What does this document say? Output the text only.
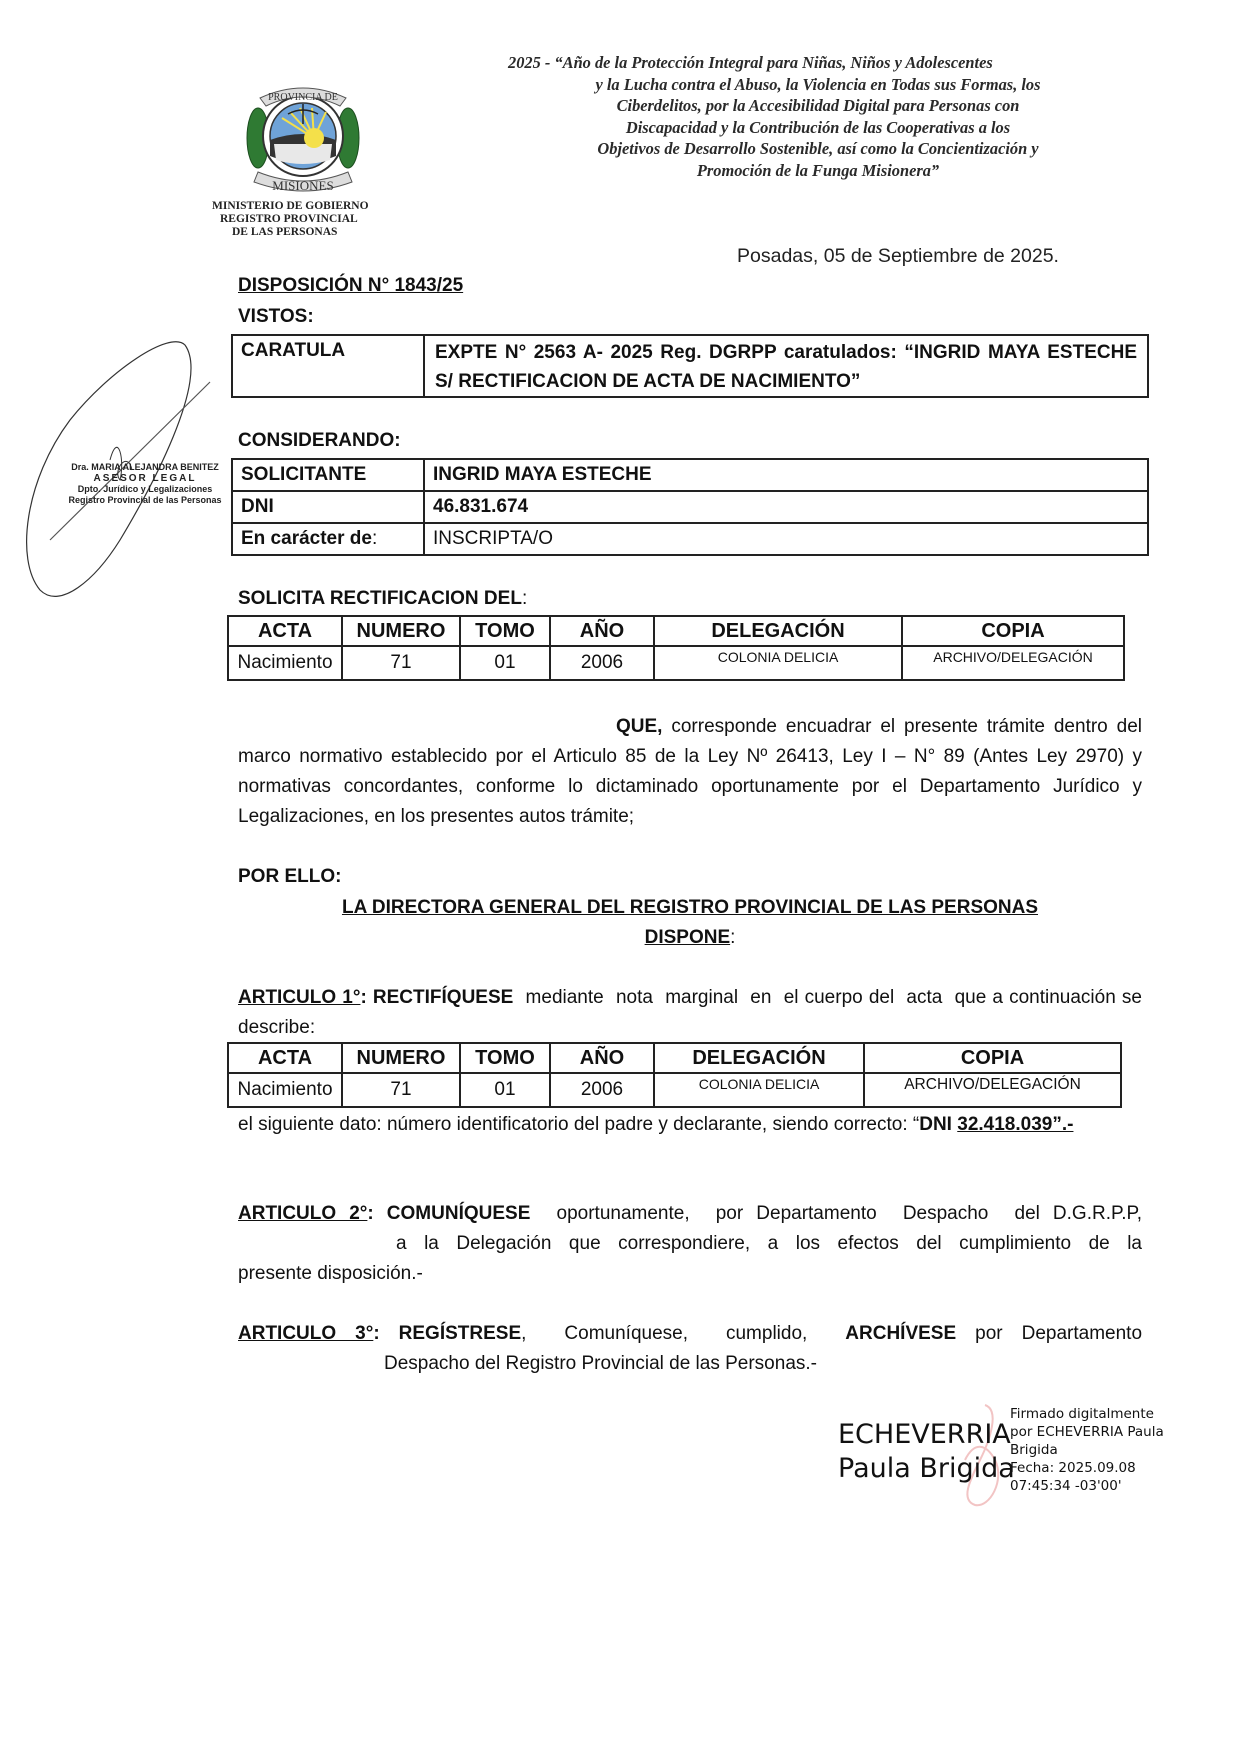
MISIONES
PROVINCIA DE
MINISTERIO DE GOBIERNO
REGISTRO PROVINCIAL
DE LAS PERSONAS
2025 - “Año de la Protección Integral para Niñas, Niños y Adolescentes
y la Lucha contra el Abuso, la Violencia en Todas sus Formas, los
Ciberdelitos, por la Accesibilidad Digital para Personas con
Discapacidad y la Contribución de las Cooperativas a los
Objetivos de Desarrollo Sostenible, así como la Concientización y
Promoción de la Funga Misionera”
Dra. MARIA ALEJANDRA BENITEZ
ASESOR LEGAL
Dpto. Jurídico y Legalizaciones
Registro Provincial de las Personas
Posadas, 05 de Septiembre de 2025.
DISPOSICIÓN N° 1843/25
VISTOS:
CARATULA	EXPTE N° 2563 A- 2025 Reg. DGRPP caratulados: “INGRID MAYA ESTECHE S/ RECTIFICACION DE ACTA DE NACIMIENTO”
CONSIDERANDO:
SOLICITANTE	INGRID MAYA ESTECHE
DNI	46.831.674
En carácter de:	INSCRIPTA/O
SOLICITA RECTIFICACION DEL:
ACTA	NUMERO	TOMO	AÑO	DELEGACIÓN	COPIA
Nacimiento	71	01	2006	COLONIA DELICIA	ARCHIVO/DELEGACIÓN
QUE, corresponde encuadrar el presente trámite dentro del marco normativo establecido por el Articulo 85 de la Ley Nº 26413, Ley I – N° 89 (Antes Ley 2970) y normativas concordantes, conforme lo dictaminado oportunamente por el Departamento Jurídico y Legalizaciones, en los presentes autos trámite;
POR ELLO:
LA DIRECTORA GENERAL DEL REGISTRO PROVINCIAL DE LAS PERSONAS
DISPONE:
ARTICULO 1°: RECTIFÍQUESE  mediante  nota  marginal  en  el cuerpo del  acta  que a continuación se            describe:
ACTA	NUMERO	TOMO	AÑO	DELEGACIÓN	COPIA
Nacimiento	71	01	2006	COLONIA DELICIA	ARCHIVO/DELEGACIÓN
el siguiente dato: número identificatorio del padre y declarante, siendo correcto: “DNI 32.418.039”.-
ARTICULO 2°: COMUNÍQUESE  oportunamente,  por Departamento  Despacho  del D.G.R.P.P,
a la Delegación que correspondiere, a los efectos del cumplimiento de la
presente disposición.-
ARTICULO 3°: REGÍSTRESE,  Comuníquese,  cumplido,  ARCHÍVESE por Departamento
Despacho del Registro Provincial de las Personas.-
ECHEVERRIA
Paula Brigida
Firmado digitalmente
por ECHEVERRIA Paula
Brigida
Fecha: 2025.09.08
07:45:34 -03'00'
